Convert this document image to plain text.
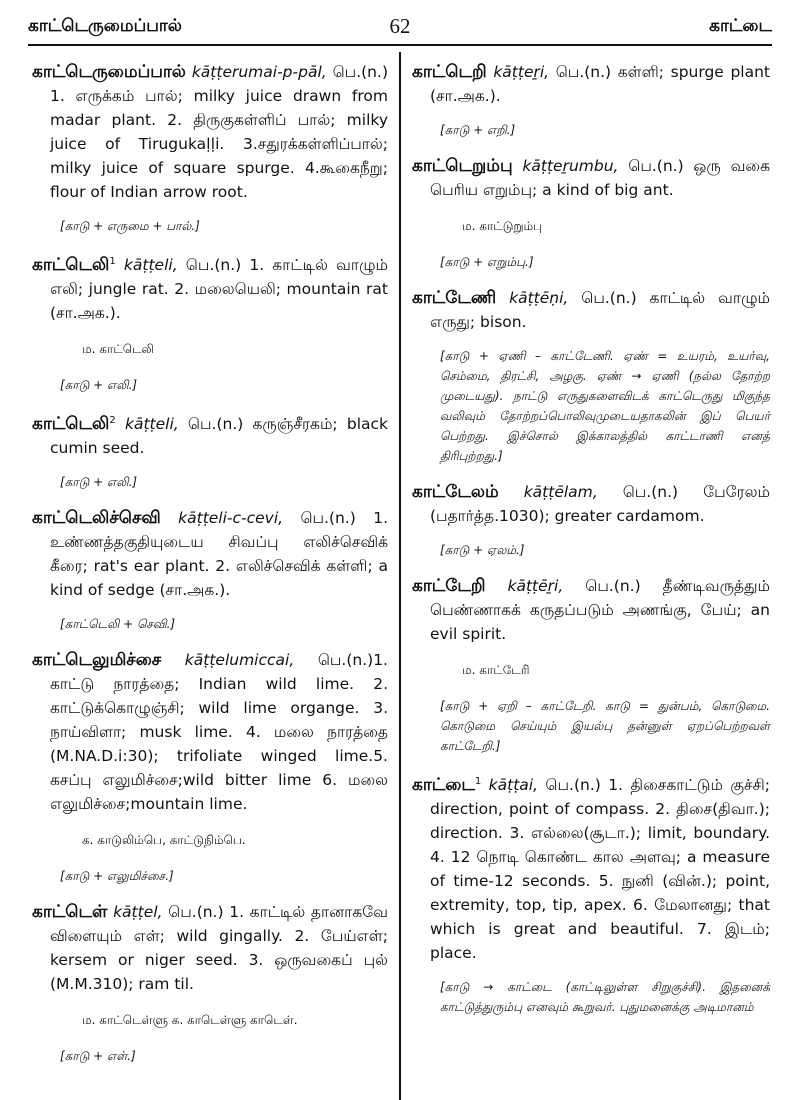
காட்டெருமைப்பால்	62	காட்டை

காட்டெருமைப்பால் kāṭṭerumai-p-pāl, பெ.(n.) 1. எருக்கம் பால்; milky juice drawn from madar plant. 2. திருகுகள்ளிப் பால்; milky juice of Tirugukaḷḷi. 3.சதுரக்கள்ளிப்பால்; milky juice of square spurge. 4.கூகைநீறு; flour of Indian arrow root.

[காடு + எருமை + பால்.]

காட்டெலி$^1$ kāṭṭeli, பெ.(n.) 1. காட்டில் வாழும் எலி; jungle rat. 2. மலையெலி; mountain rat (சா.அக.).

ம. காட்டெலி

[காடு + எலி.]

காட்டெலி$^2$ kāṭṭeli, பெ.(n.) கருஞ்சீரகம்; black cumin seed.

[காடு + எலி.]

காட்டெலிச்செவி kāṭṭeli-c-cevi, பெ.(n.) 1. உண்ணத்தகுதியுடைய சிவப்பு எலிச்செவிக் கீரை; rat's ear plant. 2. எலிச்செவிக் கள்ளி; a kind of sedge (சா.அக.).

[காட்டெலி + செவி.]

காட்டெலுமிச்சை kāṭṭelumiccai, பெ.(n.)1. காட்டு நாரத்தை; Indian wild lime. 2. காட்டுக்கொழுஞ்சி; wild lime organge. 3. நாய்விளா; musk lime. 4. மலை நாரத்தை (M.NA.D.i:30); trifoliate winged lime.5. கசப்பு எலுமிச்சை;wild bitter lime 6. மலை எலுமிச்சை;mountain lime.

க. காடுலிம்பெ, காட்டுநிம்பெ.

[காடு + எலுமிச்சை.]

காட்டெள் kāṭṭel, பெ.(n.) 1. காட்டில் தானாகவே விளையும் எள்; wild gingally. 2. பேய்எள்; kersem or niger seed. 3. ஒருவகைப் புல் (M.M.310); ram til.

ம. காட்டெள்ளு க. காடெள்ளு காடெள்.

[காடு + எள்.]

காட்டெறி kāṭṭeṟi, பெ.(n.) கள்ளி; spurge plant (சா.அக.).

[காடு + எறி.]

காட்டெறும்பு kāṭṭeṟumbu, பெ.(n.) ஒரு வகை பெரிய எறும்பு; a kind of big ant.

ம. காட்டுறும்பு

[காடு + எறும்பு.]

காட்டேணி kāṭṭēṇi, பெ.(n.) காட்டில் வாழும் எருது; bison.

[காடு + ஏணி – காட்டேணி. ஏண் = உயரம், உயர்வு, செம்மை, திரட்சி, அழகு. ஏண் → ஏணி (நல்ல தோற்ற முடையது). நாட்டு எருதுகளைவிடக் காட்டெருது மிகுந்த வலிவும் தோற்றப்பொலிவுமுடையதாகலின் இப் பெயர் பெற்றது. இச்சொல் இக்காலத்தில் காட்டாணி எனத் திரிபுற்றது.]

காட்டேலம் kāṭṭēlam, பெ.(n.) பேரேலம் (பதார்த்த.1030); greater cardamom.

[காடு + ஏலம்.]

காட்டேறி kāṭṭēṟi, பெ.(n.) தீண்டிவருத்தும் பெண்ணாகக் கருதப்படும் அணங்கு, பேய்; an evil spirit.

ம. காட்டேரி

[காடு + ஏறி – காட்டேறி. காடு = துன்பம், கொடுமை. கொடுமை செய்யும் இயல்பு தன்னுள் ஏறப்பெற்றவள் காட்டேறி.]

காட்டை$^1$ kāṭṭai, பெ.(n.) 1. திசைகாட்டும் குச்சி; direction, point of compass. 2. திசை(திவா.); direction. 3. எல்லை(சூடா.); limit, boundary. 4. 12 நொடி கொண்ட கால அளவு; a measure of time-12 seconds. 5. நுனி (வின்.); point, extremity, top, tip, apex. 6. மேலானது; that which is great and beautiful. 7. இடம்; place.

[காடு → காட்டை (காட்டிலுள்ள சிறுகுச்சி). இதனைக் காட்டுத்துரும்பு எனவும் கூறுவர். புதுமனைக்கு அடிமானம்
